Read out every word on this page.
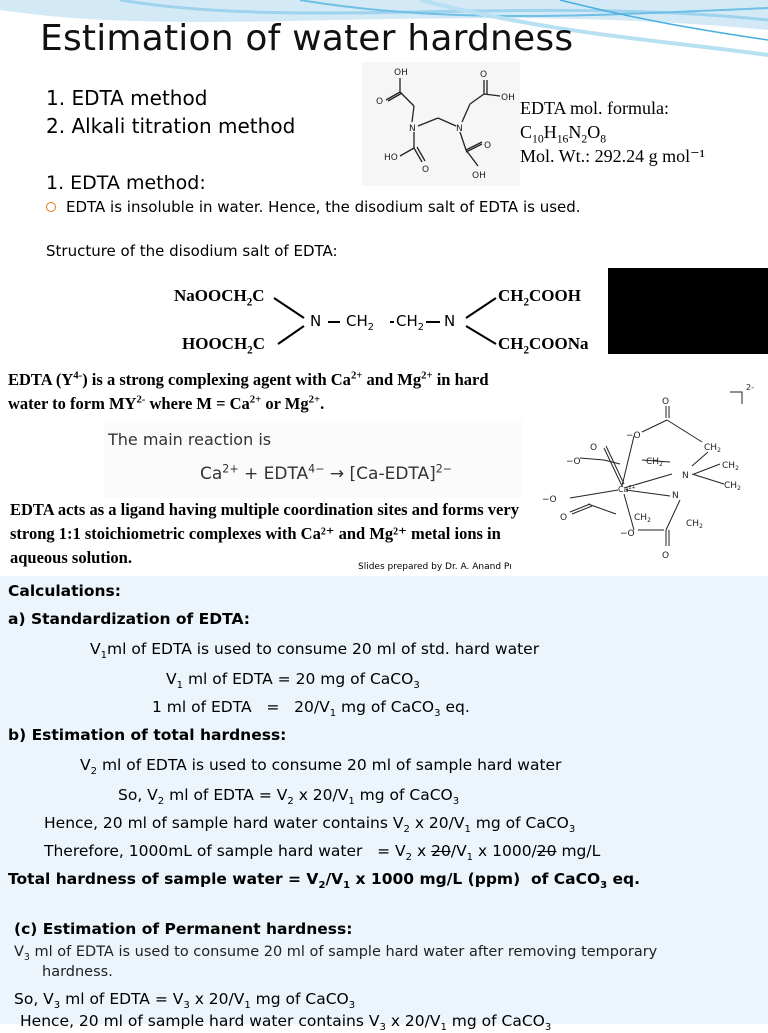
Estimation of water hardness
1. EDTA method
2. Alkali titration method
OH
O
N	N
O
OH
HO
O
O
OH
EDTA mol. formula:
$C_{10}H_{16}N_2O_8$
Mol. Wt.: 292.24 g mol⁻¹
1. EDTA method:
EDTA is insoluble in water. Hence, the disodium salt of EDTA is used.
Structure of the disodium salt of EDTA:
NaOOCH$_2$C
$HOOCH_2C$
N $CH_2$ $CH_2$ N
$CH_2COOH$
$CH_2COONa$
EDTA $(Y^{4-})$ is a strong complexing agent with $Ca^{2+}$ and $Mg^{2+}$ in hard water to form $MY^{2-}$ where $M = Ca^{2+}$ or $Mg^{2+}$.
The main reaction is
$Ca^{2+}$ + $EDTA^{4-}$ → [Ca-EDTA]$^{2-}$
EDTA acts as a ligand having multiple coordination sites and forms very strong 1:1 stoichiometric complexes with Ca²⁺ and Mg²⁺ metal ions in aqueous solution.	Slides prepared by Dr. A. Anand Pı
2-
O
−O
$CH_2$
O
−O	$CH_2$
N
$CH_2$
$Ca^{2+}$	$CH_2$
N
−O
O	$CH_2$	$CH_2$
−O
O
Calculations:
a) Standardization of EDTA:
$V_1ml$ of EDTA is used to consume 20 ml of std. hard water
$V_1$ ml of EDTA = 20 mg of CaCO$_3$
1 ml of EDTA   =   $20/V_1$ mg of CaCO$_3$ eq.
b) Estimation of total hardness:
$V_2$ ml of EDTA is used to consume 20 ml of sample hard water
So, $V_2$ ml of EDTA = $V_2$ x $20/V_1$ mg of CaCO$_3$
Hence, 20 ml of sample hard water contains $V_2$ x $20/V_1$ mg of CaCO$_3$
Therefore, 1000mL of sample hard water   = $V_2$ x $20/V_1$ x 1000/20 mg/L
Total hardness of sample water = $V_2/V_1$ x 1000 mg/L (ppm)  of CaCO$_3$ eq.
(c) Estimation of Permanent hardness:
$V_3$ ml of EDTA is used to consume 20 ml of sample hard water after removing temporary
hardness.
So, $V_3$ ml of EDTA = $V_3$ x $20/V_1$ mg of CaCO$_3$
Hence, 20 ml of sample hard water contains $V_3$ x $20/V_1$ mg of CaCO$_3$
